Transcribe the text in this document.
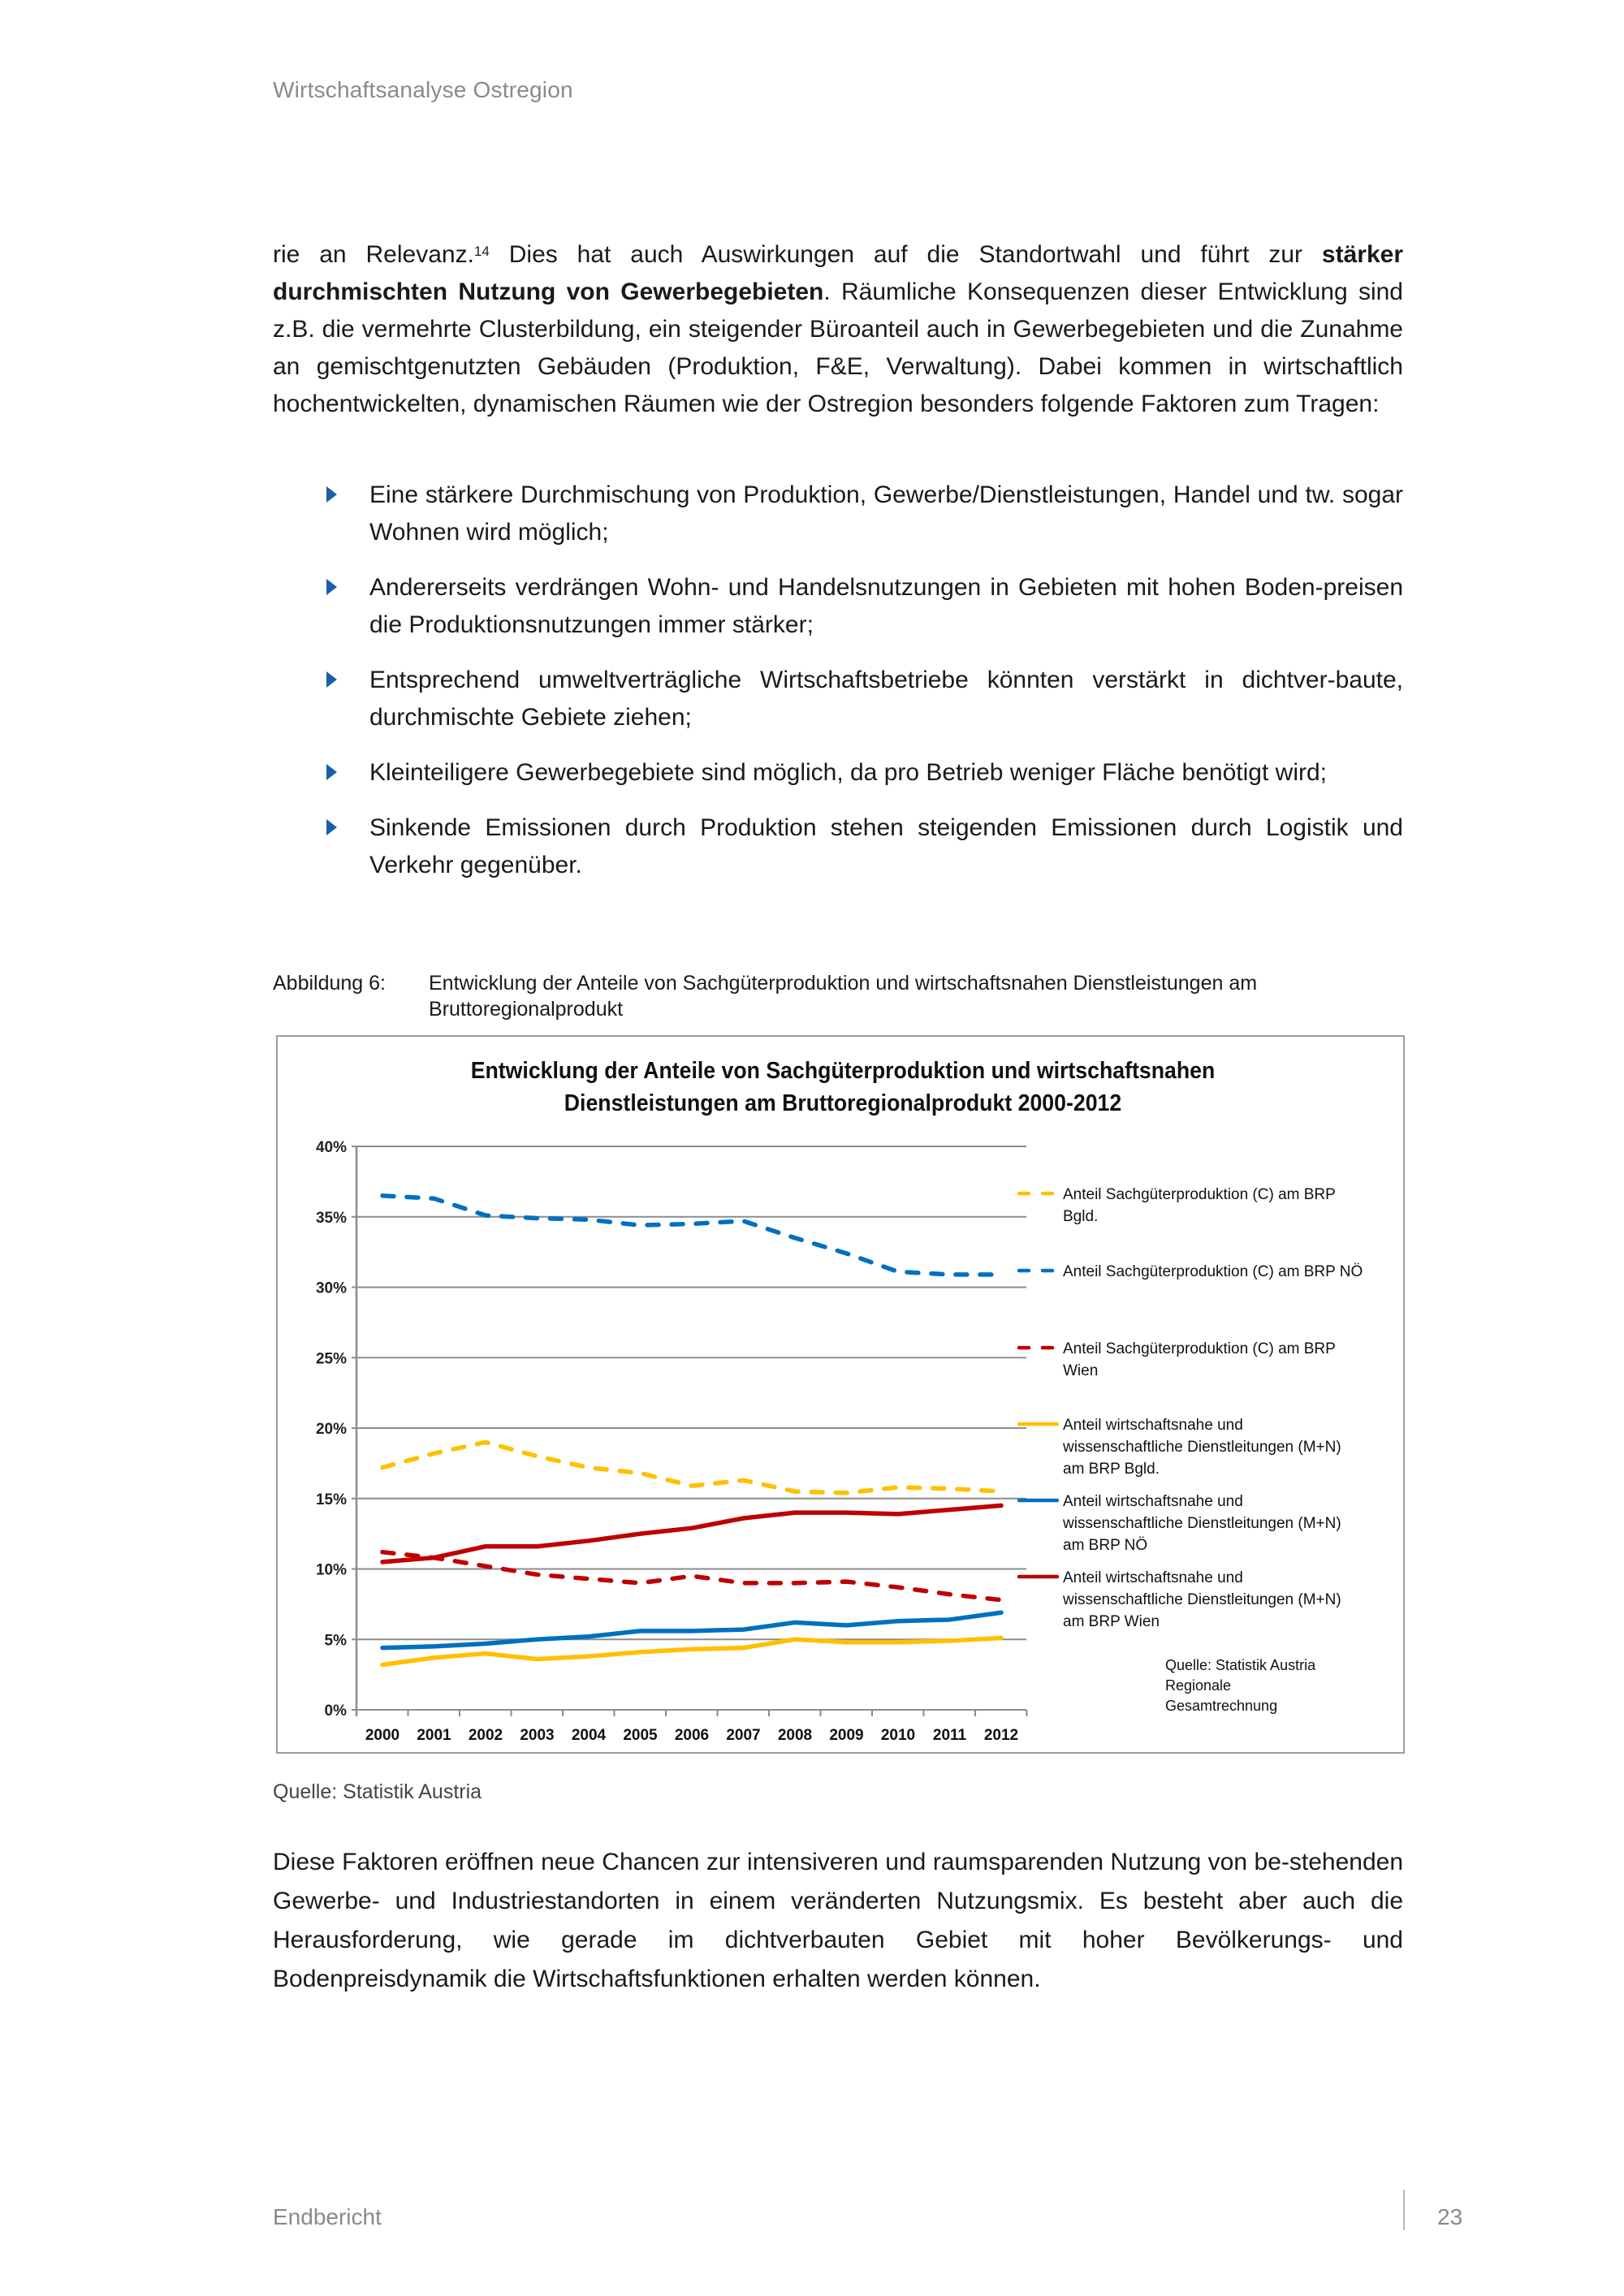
Wirtschaftsanalyse Ostregion
rie an Relevanz.$^{14}$ Dies hat auch Auswirkungen auf die Standortwahl und führt zur stärker durchmischten Nutzung von Gewerbegebieten. Räumliche Konsequenzen dieser Entwicklung sind z.B. die vermehrte Clusterbildung, ein steigender Büroanteil auch in Gewerbegebieten und die Zunahme an gemischtgenutzten Gebäuden (Produktion, F&E, Verwaltung). Dabei kommen in wirtschaftlich hochentwickelten, dynamischen Räumen wie der Ostregion besonders folgende Faktoren zum Tragen:
Eine stärkere Durchmischung von Produktion, Gewerbe/Dienstleistungen, Handel und tw. sogar Wohnen wird möglich;
Andererseits verdrängen Wohn- und Handelsnutzungen in Gebieten mit hohen Boden-preisen die Produktionsnutzungen immer stärker;
Entsprechend umweltverträgliche Wirtschaftsbetriebe könnten verstärkt in dichtver-baute, durchmischte Gebiete ziehen;
Kleinteiligere Gewerbegebiete sind möglich, da pro Betrieb weniger Fläche benötigt wird;
Sinkende Emissionen durch Produktion stehen steigenden Emissionen durch Logistik und Verkehr gegenüber.
Abbildung 6: Entwicklung der Anteile von Sachgüterproduktion und wirtschaftsnahen Dienstleistungen am Bruttoregionalprodukt
Entwicklung der Anteile von Sachgüterproduktion und wirtschaftsnahen
Dienstleistungen am Bruttoregionalprodukt 2000-2012
0%
5%
10%
15%
20%
25%
30%
35%
40%
2000 2001 2002 2003 2004 2005 2006 2007 2008 2009 2010 2011 2012
Anteil Sachgüterproduktion (C) am BRP
Bgld.
Anteil Sachgüterproduktion (C) am BRP NÖ
Anteil Sachgüterproduktion (C) am BRP
Wien
Anteil wirtschaftsnahe und
wissenschaftliche Dienstleitungen (M+N)
am BRP Bgld.
Anteil wirtschaftsnahe und
wissenschaftliche Dienstleitungen (M+N)
am BRP NÖ
Anteil wirtschaftsnahe und
wissenschaftliche Dienstleitungen (M+N)
am BRP Wien
Quelle: Statistik Austria
Regionale
Gesamtrechnung
Quelle: Statistik Austria
Diese Faktoren eröffnen neue Chancen zur intensiveren und raumsparenden Nutzung von be-stehenden Gewerbe- und Industriestandorten in einem veränderten Nutzungsmix. Es besteht aber auch die Herausforderung, wie gerade im dichtverbauten Gebiet mit hoher Bevölkerungs- und Bodenpreisdynamik die Wirtschaftsfunktionen erhalten werden können.
Endbericht	23
